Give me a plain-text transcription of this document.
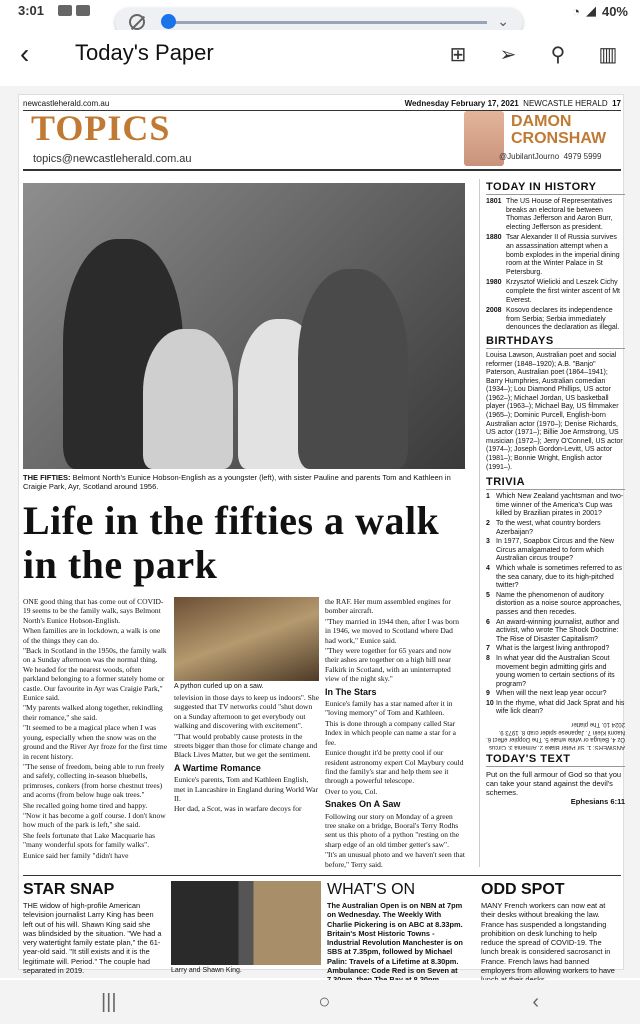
3:01	◔ ◢ 40%
⌄
‹ Today's Paper	⊞ ➢ ⚲ ▥
newcastleherald.com.au	Wednesday February 17, 2021 NEWCASTLE HERALD 17
TOPICS
topics@newcastleherald.com.au
DAMON
CRONSHAW
@JubilantJourno 4979 5999
THE FIFTIES: Belmont North's Eunice Hobson-English as a youngster (left), with sister Pauline and parents Tom and Kathleen in Craigie Park, Ayr, Scotland around 1956.
Life in the fifties a walk in the park

ONE good thing that has come out of COVID-19 seems to be the family walk, says Belmont North's Eunice Hobson-English.

When families are in lockdown, a walk is one of the things they can do.

"Back in Scotland in the 1950s, the family walk on a Sunday afternoon was the normal thing. We headed for the nearest woods, often parkland belonging to a former stately home or castle. Our favourite in Ayr was Craigie Park," Eunice said.

"My parents walked along together, rekindling their romance," she said.

"It seemed to be a magical place when I was young, especially when the snow was on the ground and the River Ayr froze for the first time in recent history.

"The sense of freedom, being able to run freely and safely, collecting in-season bluebells, primroses, conkers (from horse chestnut trees) and acorns (from below huge oak trees."

She recalled going home tired and happy.

"Now it has become a golf course. I don't know how much of the park is left," she said.

She feels fortunate that Lake Macquarie has "many wonderful spots for family walks".

Eunice said her family "didn't have

A python curled up on a saw.

television in those days to keep us indoors". She suggested that TV networks could "shut down on a Sunday afternoon to get everybody out walking and discovering with excitement".

"That would probably cause protests in the streets bigger than those for climate change and Black Lives Matter, but we get the sentiment.

A Wartime Romance

Eunice's parents, Tom and Kathleen English, met in Lancashire in England during World War II.

Her dad, a Scot, was in warfare decoys for

the RAF. Her mum assembled engines for bomber aircraft.

"They married in 1944 then, after I was born in 1946, we moved to Scotland where Dad had work," Eunice said.

"They were together for 65 years and now their ashes are together on a high hill near Falkirk in Scotland, with an uninterrupted view of the night sky."

In The Stars

Eunice's family has a star named after it in "loving memory" of Tom and Kathleen.

This is done through a company called Star Index in which people can name a star for a fee.

Eunice thought it'd be pretty cool if our resident astronomy expert Col Maybury could find the family's star and help them see it through a powerful telescope.

Over to you, Col.

Snakes On A Saw

Following our story on Monday of a green tree snake on a bridge, Booral's Terry Rodhs sent us this photo of a python "resting on the sharp edge of an old timber getter's saw".

"It's an unusual photo and we haven't seen that before," Terry said.

TODAY IN HISTORY
1801 The US House of Representatives breaks an electoral tie between Thomas Jefferson and Aaron Burr, electing Jefferson as president.
1880 Tsar Alexander II of Russia survives an assassination attempt when a bomb explodes in the imperial dining room at the Winter Palace in St Petersburg.
1980 Krzysztof Wielicki and Leszek Cichy complete the first winter ascent of Mt Everest.
2008 Kosovo declares its independence from Serbia; Serbia immediately denounces the declaration as illegal.
BIRTHDAYS
Louisa Lawson, Australian poet and social reformer (1848–1920); A.B. "Banjo" Paterson, Australian poet (1864–1941); Barry Humphries, Australian comedian (1934–); Lou Diamond Phillips, US actor (1962–); Michael Jordan, US basketball player (1963–); Michael Bay, US filmmaker (1965–); Dominic Purcell, English-born Australian actor (1970–); Denise Richards, US actor (1971–); Billie Joe Armstrong, US musician (1972–); Jerry O'Connell, US actor (1974–); Joseph Gordon-Levitt, US actor (1981–); Bonnie Wright, English actor (1991–).
TRIVIA
1 Which New Zealand yachtsman and two-time winner of the America's Cup was killed by Brazilian pirates in 2001?
2 To the west, what country borders Azerbaijan?
3 In 1977, Soapbox Circus and the New Circus amalgamated to form which Australian circus troupe?
4 Which whale is sometimes referred to as the sea canary, due to its high-pitched twitter?
5 Name the phenomenon of auditory distortion as a noise source approaches, passes and then recedes.
6 An award-winning journalist, author and activist, who wrote The Shock Doctrine: The Rise of Disaster Capitalism?
7 What is the largest living anthropod?
8 In what year did the Australian Scout movement begin admitting girls and young women to certain sections of its program?
9 When will the next leap year occur?
10 In the rhyme, what did Jack Sprat and his wife lick clean?
ANSWERS: 1. Sir Peter Blake 2. Armenia 3. Circus Oz 4. Beluga or white whale 5. The Doppler effect 6. Naomi Klein 7. Japanese spider crab 8. 1973 9. 2024 10. The platter
TODAY'S TEXT
Put on the full armour of God so that you can take your stand against the devil's schemes.
Ephesians 6:11
STAR SNAP
THE widow of high-profile American television journalist Larry King has been left out of his will. Shawn King said she was blindsided by the situation. "We had a very watertight family estate plan," the 61-year-old said. "It still exists and it is the legitimate will. Period." The couple had separated in 2019.	Larry and Shawn King.
WHAT'S ON
The Australian Open is on NBN at 7pm on Wednesday. The Weekly With Charlie Pickering is on ABC at 8.33pm. Britain's Most Historic Towns - Industrial Revolution Manchester is on SBS at 7.35pm, followed by Michael Palin: Travels of a Lifetime at 8.30pm. Ambulance: Code Red is on Seven at
ODD SPOT
MANY French workers can now eat at their desks without breaking the law. France has suspended a longstanding prohibition on desk lunching to help reduce the spread of COVID-19. The lunch break is considered sacrosanct in France. French laws had banned employers from allowing workers to have
|||	○	‹
